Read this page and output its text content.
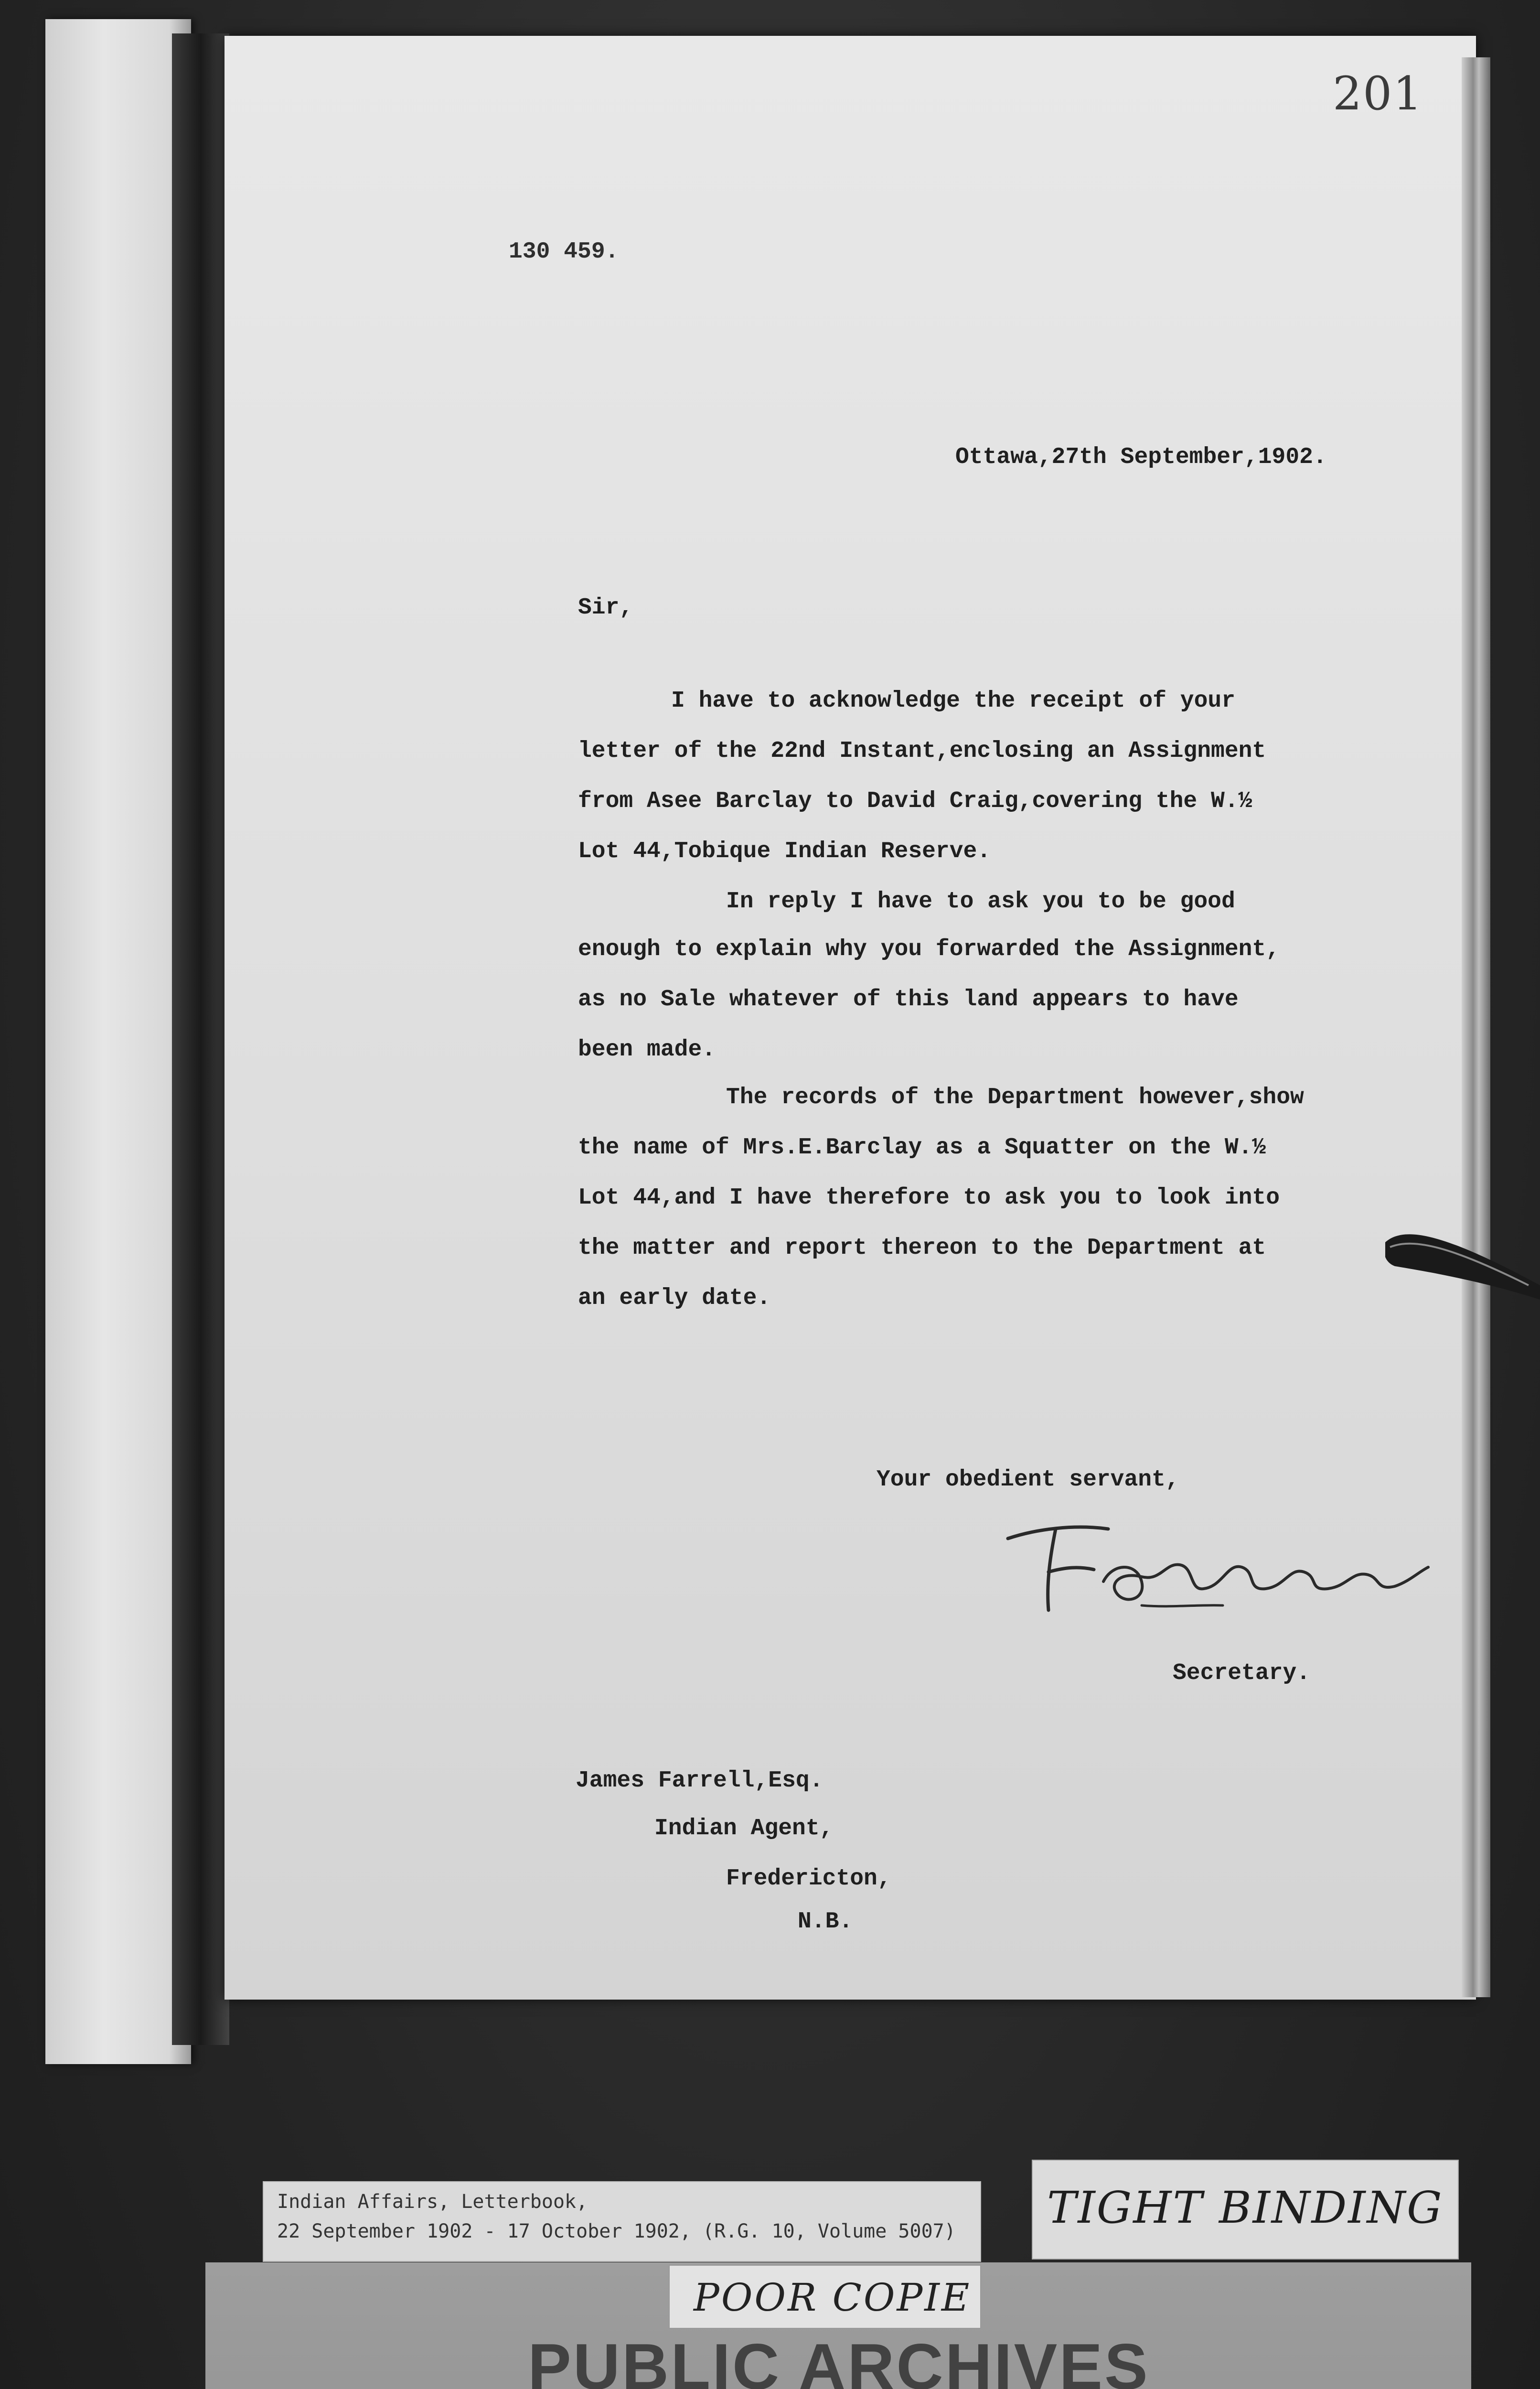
201
130 459.
Ottawa,27th September,1902.
Sir,
I have to acknowledge the receipt of your
letter of the 22nd Instant,enclosing an Assignment
from Asee Barclay to David Craig,covering the W.½
Lot 44,Tobique Indian Reserve.
In reply I have to ask you to be good
enough to explain why you forwarded the Assignment,
as no Sale whatever of this land appears to have
been made.
The records of the Department however,show
the name of Mrs.E.Barclay as a Squatter on the W.½
Lot 44,and I have therefore to ask you to look into
the matter and report thereon to the Department at
an early date.
Your obedient servant,
Secretary.
James Farrell,Esq.
Indian Agent,
Fredericton,
N.B.
Indian Affairs, Letterbook,
22 September 1902 - 17 October 1902, (R.G. 10, Volume 5007) TIGHT BINDING
POOR COPIE
PUBLIC ARCHIVES
